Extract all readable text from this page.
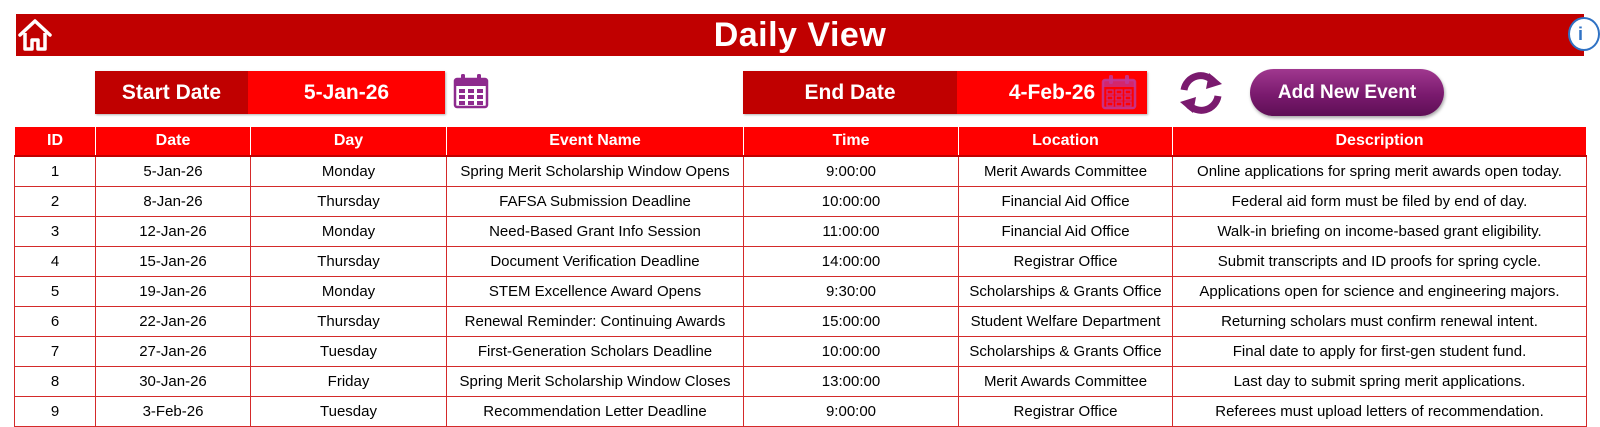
Daily View	i
Start Date	5-Jan-26	End Date	4-Feb-26	Add New Event
ID	Date	Day	Event Name	Time	Location	Description
1	5-Jan-26	Monday	Spring Merit Scholarship Window Opens	9:00:00	Merit Awards Committee	Online applications for spring merit awards open today.
2	8-Jan-26	Thursday	FAFSA Submission Deadline	10:00:00	Financial Aid Office	Federal aid form must be filed by end of day.
3	12-Jan-26	Monday	Need-Based Grant Info Session	11:00:00	Financial Aid Office	Walk-in briefing on income-based grant eligibility.
4	15-Jan-26	Thursday	Document Verification Deadline	14:00:00	Registrar Office	Submit transcripts and ID proofs for spring cycle.
5	19-Jan-26	Monday	STEM Excellence Award Opens	9:30:00	Scholarships & Grants Office	Applications open for science and engineering majors.
6	22-Jan-26	Thursday	Renewal Reminder: Continuing Awards	15:00:00	Student Welfare Department	Returning scholars must confirm renewal intent.
7	27-Jan-26	Tuesday	First-Generation Scholars Deadline	10:00:00	Scholarships & Grants Office	Final date to apply for first-gen student fund.
8	30-Jan-26	Friday	Spring Merit Scholarship Window Closes	13:00:00	Merit Awards Committee	Last day to submit spring merit applications.
9	3-Feb-26	Tuesday	Recommendation Letter Deadline	9:00:00	Registrar Office	Referees must upload letters of recommendation.
